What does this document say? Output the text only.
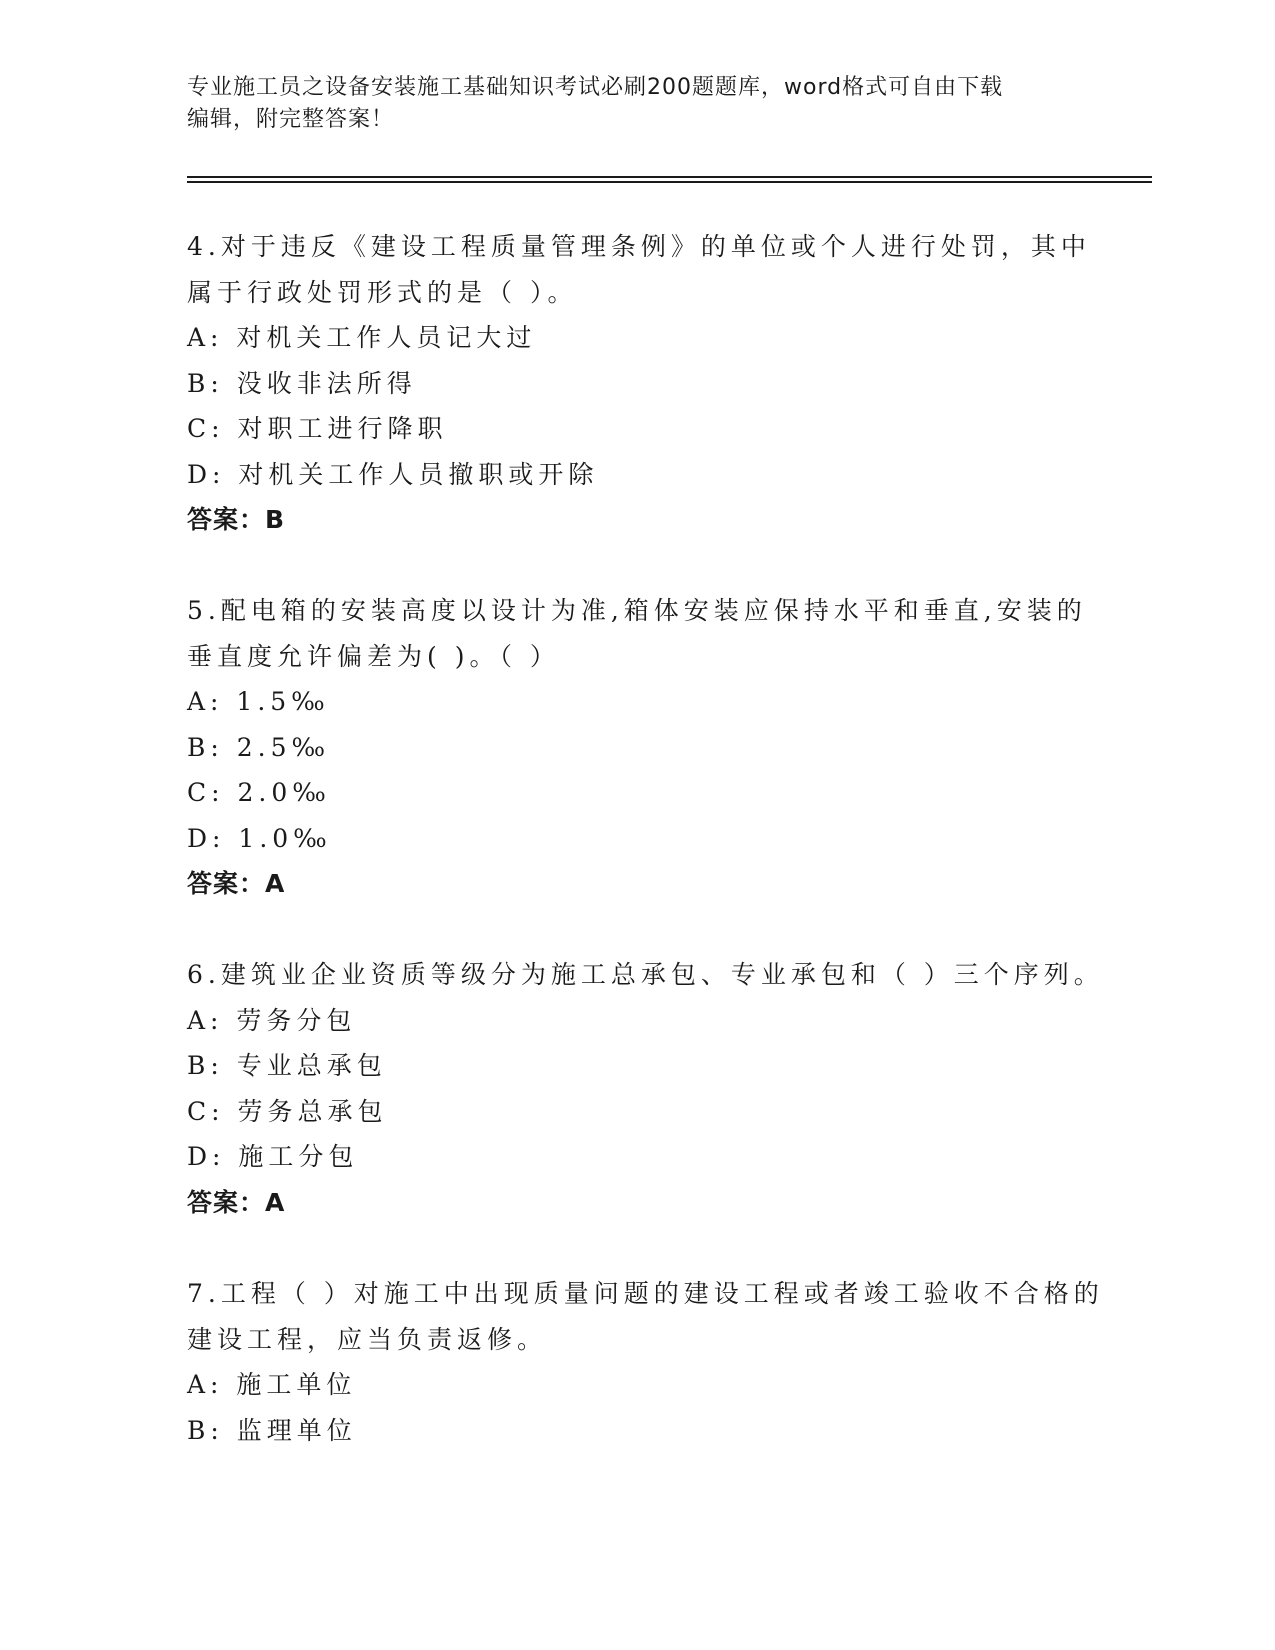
专业施工员之设备安装施工基础知识考试必刷200题题库，word格式可自由下载
编辑，附完整答案！
4.对于违反《建设工程质量管理条例》的单位或个人进行处罚，其中
属于行政处罚形式的是（ ）。
A: 对机关工作人员记大过
B: 没收非法所得
C: 对职工进行降职
D: 对机关工作人员撤职或开除
答案：B
5.配电箱的安装高度以设计为准,箱体安装应保持水平和垂直,安装的
垂直度允许偏差为( )。（ ）
A: 1.5‰
B: 2.5‰
C: 2.0‰
D: 1.0‰
答案：A
6.建筑业企业资质等级分为施工总承包、专业承包和（ ）三个序列。
A: 劳务分包
B: 专业总承包
C: 劳务总承包
D: 施工分包
答案：A
7.工程（ ）对施工中出现质量问题的建设工程或者竣工验收不合格的
建设工程，应当负责返修。
A: 施工单位
B: 监理单位
